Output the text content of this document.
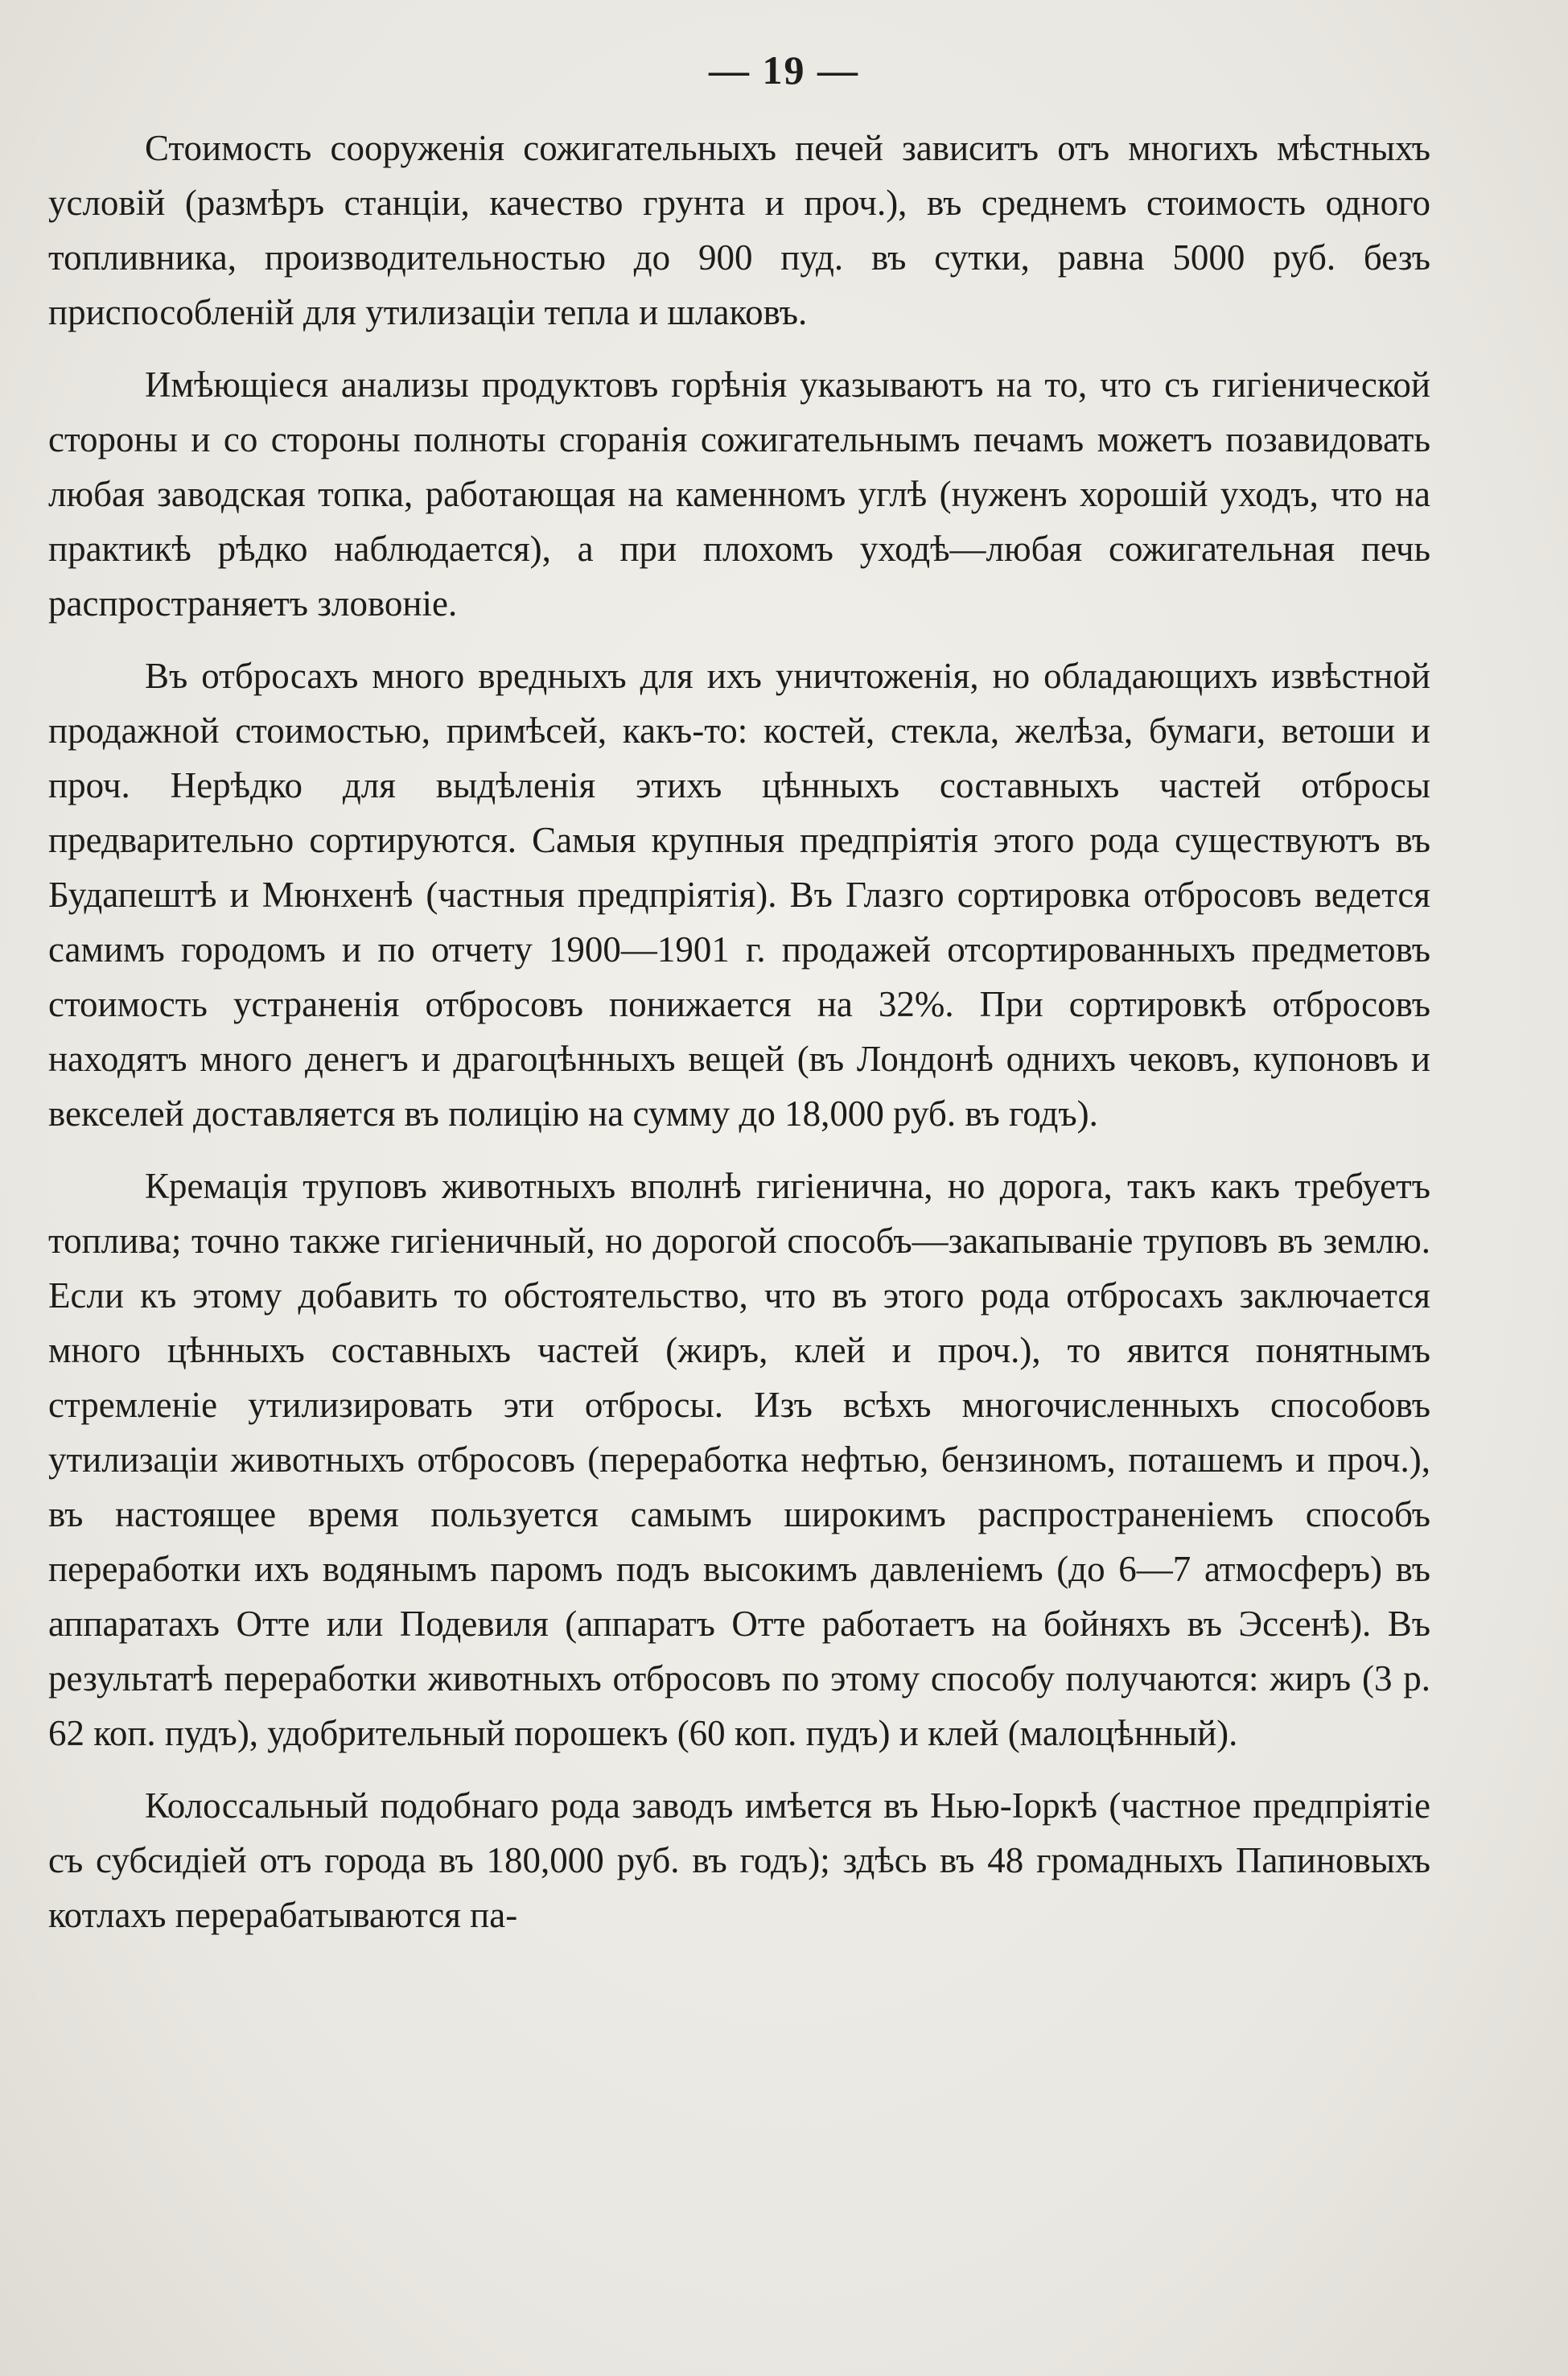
— 19 —

Стоимость сооруженія сожигательныхъ печей зависитъ отъ многихъ мѣстныхъ условій (размѣръ станціи, качество грунта и проч.), въ среднемъ стоимость одного топливника, производительностью до 900 пуд. въ сутки, равна 5000 руб. безъ приспособленій для утилизаціи тепла и шлаковъ.

Имѣющіеся анализы продуктовъ горѣнія указываютъ на то, что съ гигіенической стороны и со стороны полноты сгоранія сожигательнымъ печамъ можетъ позавидовать любая заводская топка, работающая на каменномъ углѣ (нуженъ хорошій уходъ, что на практикѣ рѣдко наблюдается), а при плохомъ уходѣ—любая сожигательная печь распространяетъ зловоніе.

Въ отбросахъ много вредныхъ для ихъ уничтоженія, но обладающихъ извѣстной продажной стоимостью, примѣсей, какъ-то: костей, стекла, желѣза, бумаги, ветоши и проч. Нерѣдко для выдѣленія этихъ цѣнныхъ составныхъ частей отбросы предварительно сортируются. Самыя крупныя предпріятія этого рода существуютъ въ Будапештѣ и Мюнхенѣ (частныя предпріятія). Въ Глазго сортировка отбросовъ ведется самимъ городомъ и по отчету 1900—1901 г. продажей отсортированныхъ предметовъ стоимость устраненія отбросовъ понижается на 32%. При сортировкѣ отбросовъ находятъ много денегъ и драгоцѣнныхъ вещей (въ Лондонѣ однихъ чековъ, купоновъ и векселей доставляется въ полицію на сумму до 18,000 руб. въ годъ).

Кремація труповъ животныхъ вполнѣ гигіенична, но дорога, такъ какъ требуетъ топлива; точно также гигіеничный, но дорогой способъ—закапываніе труповъ въ землю. Если къ этому добавить то обстоятельство, что въ этого рода отбросахъ заключается много цѣнныхъ составныхъ частей (жиръ, клей и проч.), то явится понятнымъ стремленіе утилизировать эти отбросы. Изъ всѣхъ многочисленныхъ способовъ утилизаціи животныхъ отбросовъ (переработка нефтью, бензиномъ, поташемъ и проч.), въ настоящее время пользуется самымъ широкимъ распространеніемъ способъ переработки ихъ водянымъ паромъ подъ высокимъ давленіемъ (до 6—7 атмосферъ) въ аппаратахъ Отте или Подевиля (аппаратъ Отте работаетъ на бойняхъ въ Эссенѣ). Въ результатѣ переработки животныхъ отбросовъ по этому способу получаются: жиръ (3 р. 62 коп. пудъ), удобрительный порошекъ (60 коп. пудъ) и клей (малоцѣнный).

Колоссальный подобнаго рода заводъ имѣется въ Нью-Іоркѣ (частное предпріятіе съ субсидіей отъ города въ 180,000 руб. въ годъ); здѣсь въ 48 громадныхъ Папиновыхъ котлахъ перерабатываются па-
